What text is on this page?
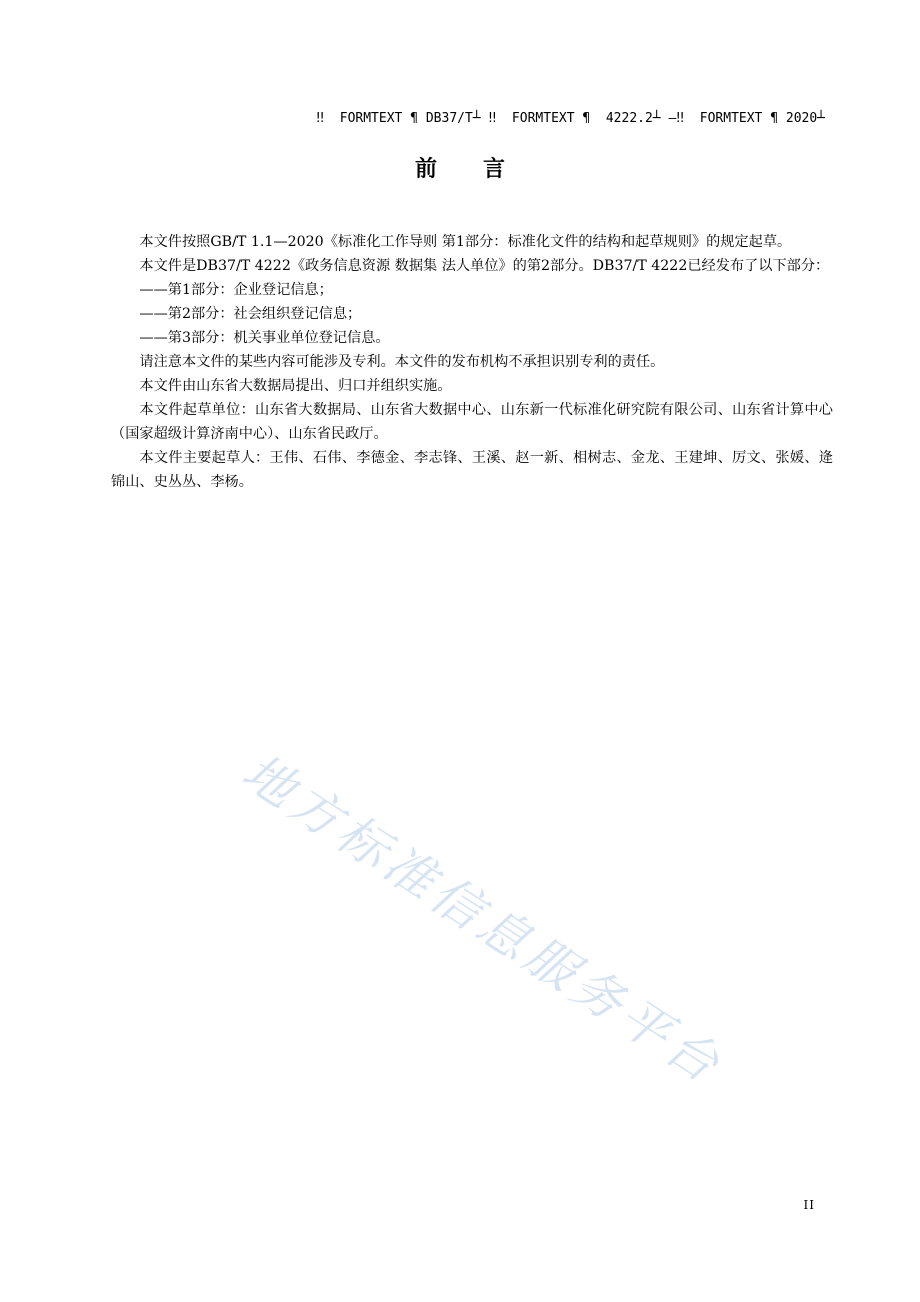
‼  FORMTEXT ¶ DB37/T┴ ‼  FORMTEXT ¶  4222.2┴ —‼  FORMTEXT ¶ 2020┴
前言

本文件按照GB/T 1.1—2020《标准化工作导则 第1部分：标准化文件的结构和起草规则》的规定起草。

本文件是DB37/T 4222《政务信息资源 数据集 法人单位》的第2部分。DB37/T 4222已经发布了以下部分：

——第1部分：企业登记信息；

——第2部分：社会组织登记信息；

——第3部分：机关事业单位登记信息。

请注意本文件的某些内容可能涉及专利。本文件的发布机构不承担识别专利的责任。

本文件由山东省大数据局提出、归口并组织实施。

本文件起草单位：山东省大数据局、山东省大数据中心、山东新一代标准化研究院有限公司、山东省计算中心（国家超级计算济南中心）、山东省民政厅。

本文件主要起草人：王伟、石伟、李德金、李志锋、王溪、赵一新、相树志、金龙、王建坤、厉文、张媛、逄锦山、史丛丛、李杨。

地方标准信息服务平台
II
